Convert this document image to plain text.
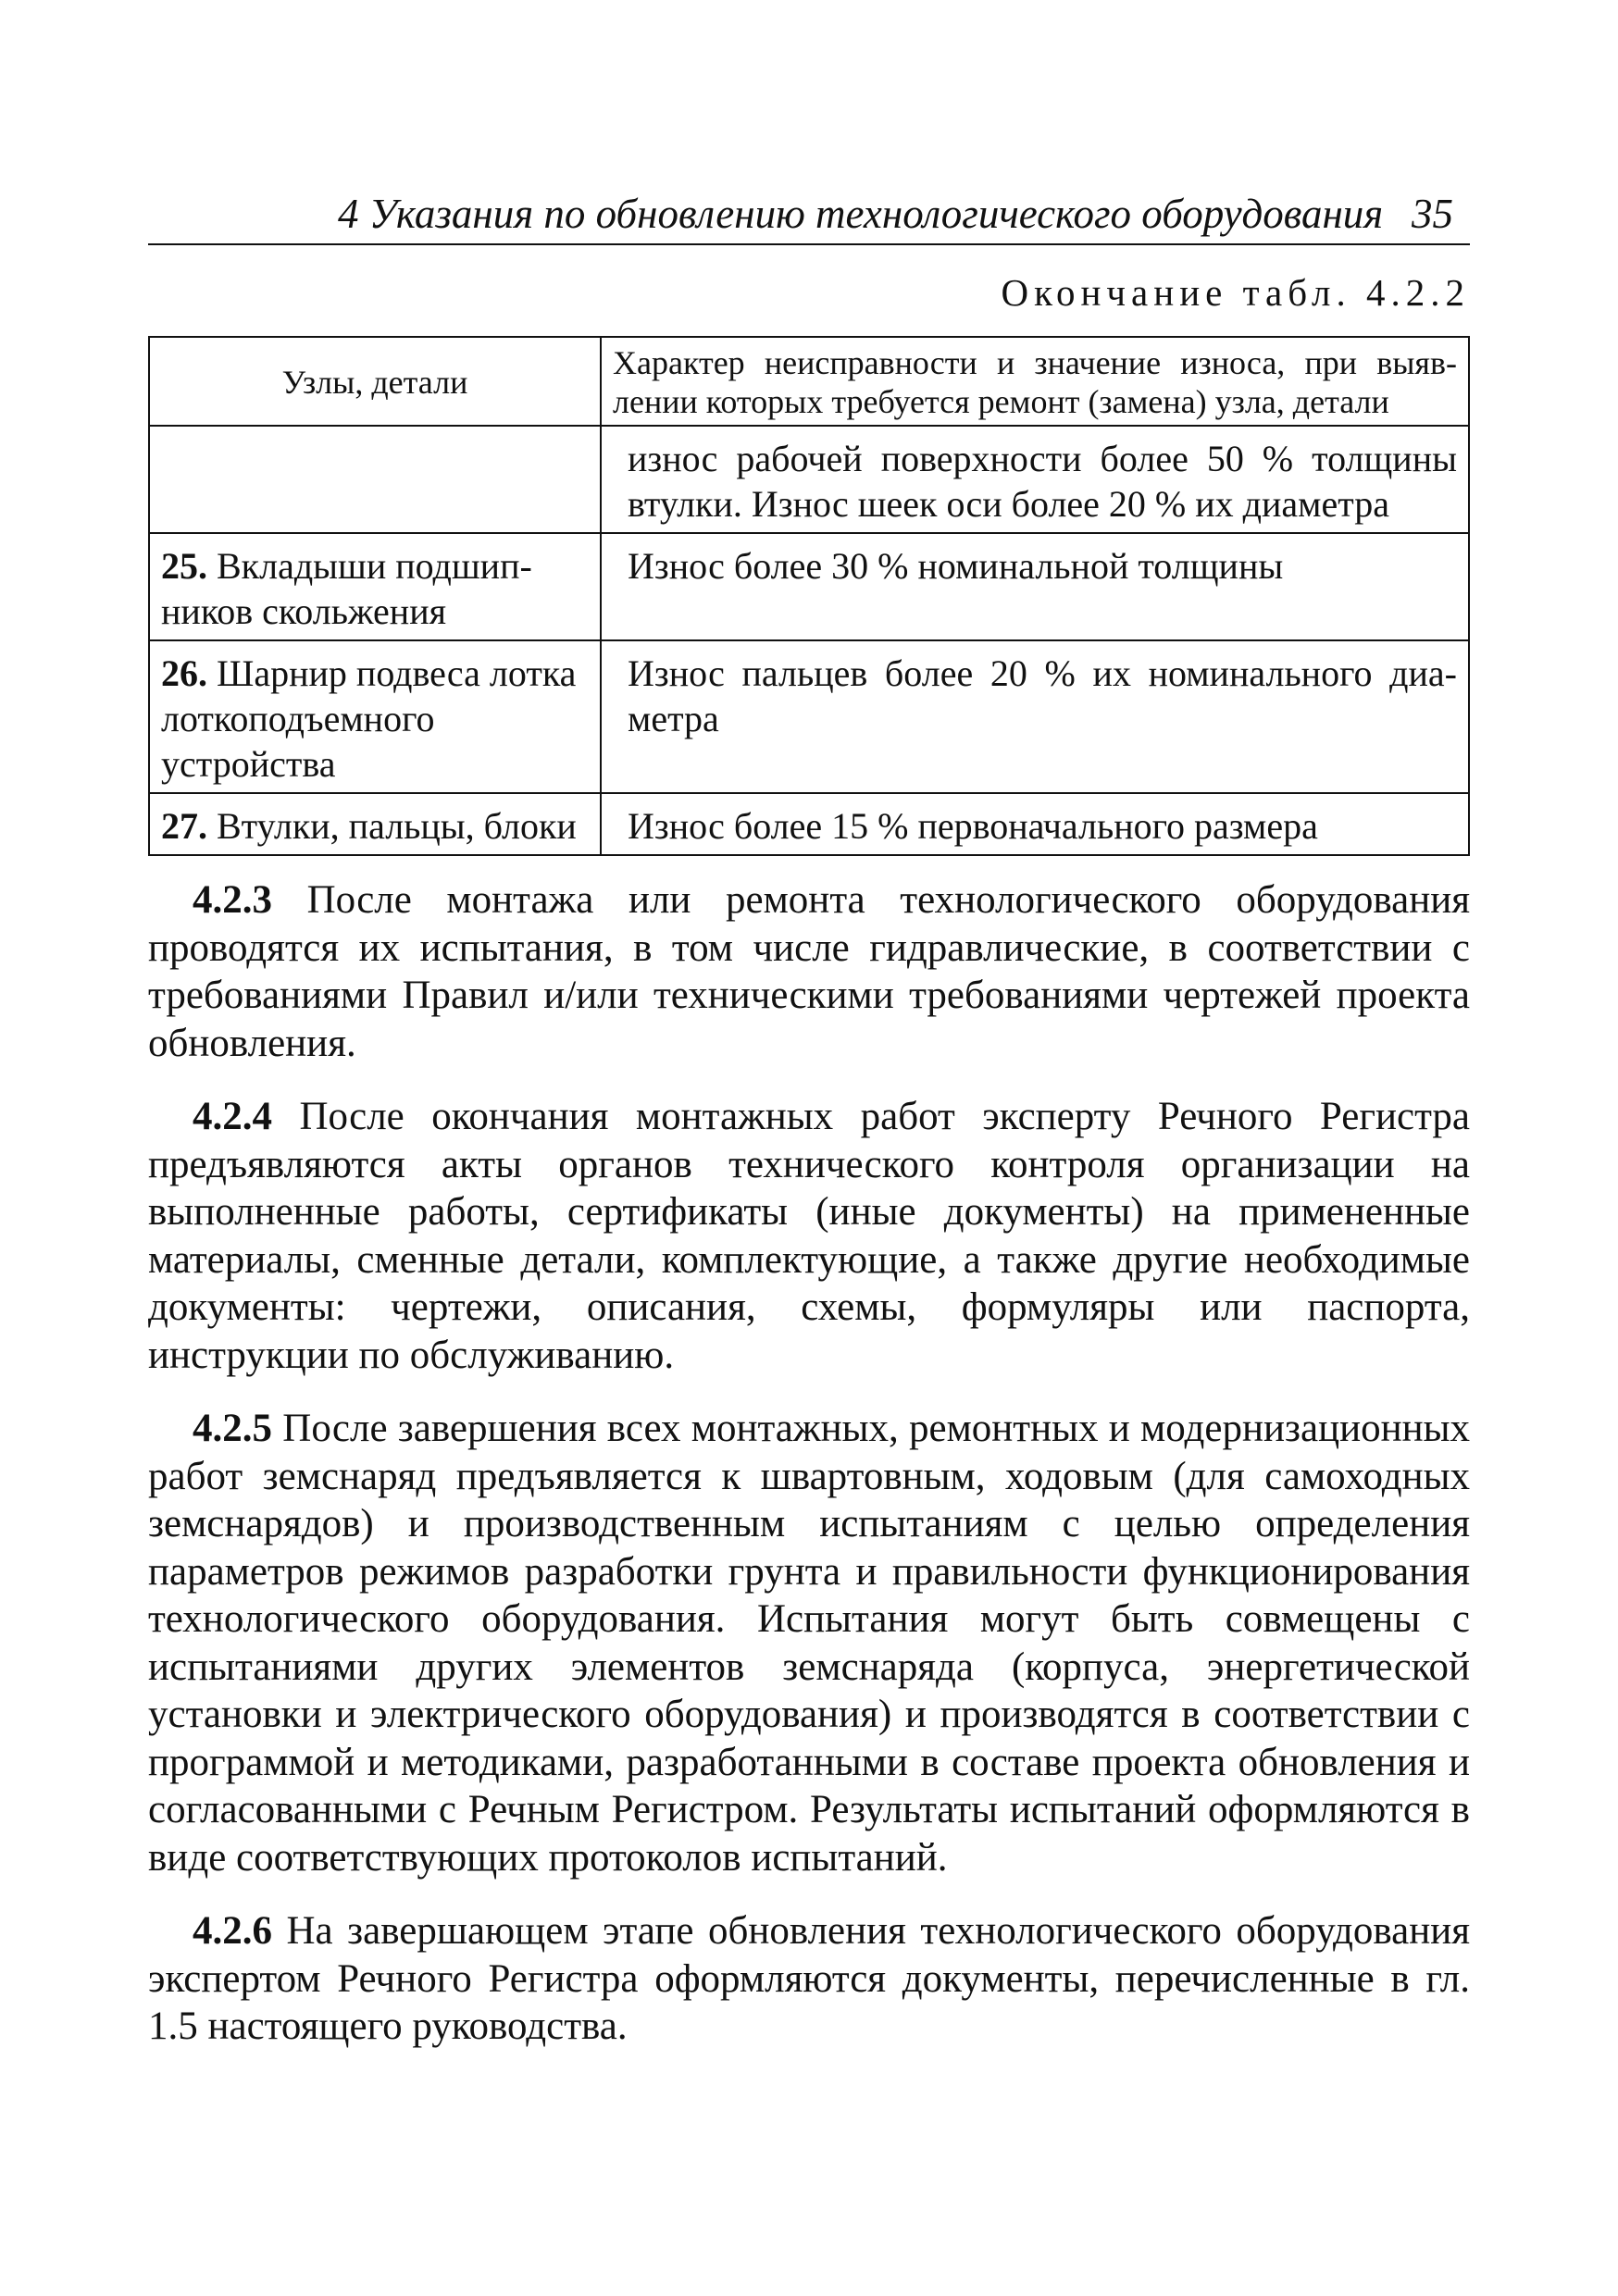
4 Указания по обновлению технологического оборудования 35
Окончание табл. 4.2.2
Узлы, детали	Характер неисправности и значение износа, при выявлении которых требуется ремонт (замена) узла, детали
	износ рабочей поверхности более 50 % толщины втулки. Износ шеек оси более 20 % их диаметра
25. Вкладыши подшипников скольжения	Износ более 30 % номинальной толщины
26. Шарнир подвеса лотка лоткоподъемного устройства	Износ пальцев более 20 % их номинального диаметра
27. Втулки, пальцы, блоки	Износ более 15 % первоначального размера

4.2.3 После монтажа или ремонта технологического оборудования проводятся их испытания, в том числе гидравлические, в соответствии с требованиями Правил и/или техническими требованиями чертежей проекта обновления.

4.2.4 После окончания монтажных работ эксперту Речного Регистра предъявляются акты органов технического контроля организации на выполненные работы, сертификаты (иные документы) на примененные материалы, сменные детали, комплектующие, а также другие необходимые документы: чертежи, описания, схемы, формуляры или паспорта, инструкции по обслуживанию.

4.2.5 После завершения всех монтажных, ремонтных и модернизационных работ земснаряд предъявляется к швартовным, ходовым (для самоходных земснарядов) и производственным испытаниям с целью определения параметров режимов разработки грунта и правильности функционирования технологического оборудования. Испытания могут быть совмещены с испытаниями других элементов земснаряда (корпуса, энергетической установки и электрического оборудования) и производятся в соответствии с программой и методиками, разработанными в составе проекта обновления и согласованными с Речным Регистром. Результаты испытаний оформляются в виде соответствующих протоколов испытаний.

4.2.6 На завершающем этапе обновления технологического оборудования экспертом Речного Регистра оформляются документы, перечисленные в гл. 1.5 настоящего руководства.
